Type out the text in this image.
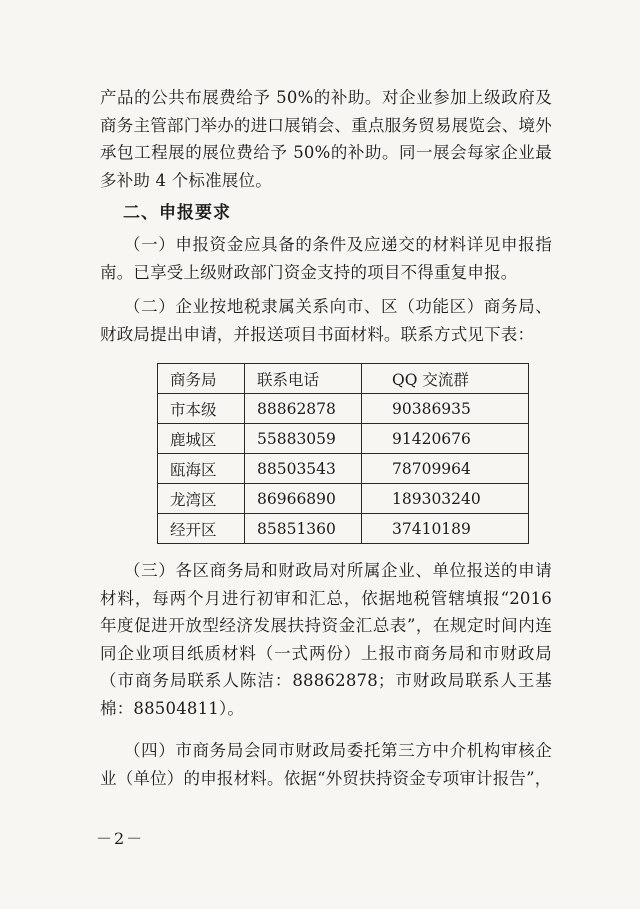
产品的公共布展费给予 50%的补助。对企业参加上级政府及商务主管部门举办的进口展销会、重点服务贸易展览会、境外承包工程展的展位费给予 50%的补助。同一展会每家企业最多补助 4 个标准展位。

二、申报要求

（一）申报资金应具备的条件及应递交的材料详见申报指南。已享受上级财政部门资金支持的项目不得重复申报。

（二）企业按地税隶属关系向市、区（功能区）商务局、财政局提出申请，并报送项目书面材料。联系方式见下表：

商务局	联系电话	QQ 交流群
市本级	88862878	90386935
鹿城区	55883059	91420676
瓯海区	88503543	78709964
龙湾区	86966890	189303240
经开区	85851360	37410189

（三）各区商务局和财政局对所属企业、单位报送的申请材料，每两个月进行初审和汇总，依据地税管辖填报“2016 年度促进开放型经济发展扶持资金汇总表”，在规定时间内连同企业项目纸质材料（一式两份）上报市商务局和市财政局（市商务局联系人陈洁：88862878；市财政局联系人王基棉：88504811）。

（四）市商务局会同市财政局委托第三方中介机构审核企业（单位）的申报材料。依据“外贸扶持资金专项审计报告”，

－2－
